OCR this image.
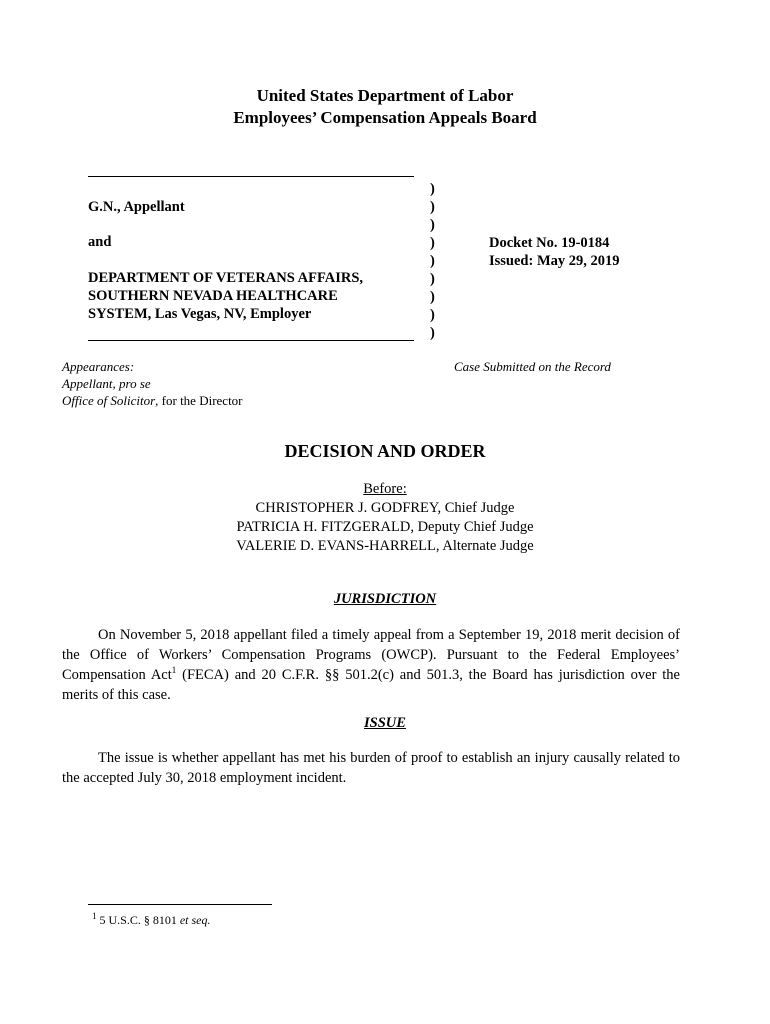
United States Department of Labor
Employees’ Compensation Appeals Board
G.N., Appellant
and
DEPARTMENT OF VETERANS AFFAIRS,
SOUTHERN NEVADA HEALTHCARE
SYSTEM, Las Vegas, NV, Employer
)
)
)
)
)
)
)
)
)
Docket No. 19-0184
Issued: May 29, 2019
Appearances:
Appellant, pro se
Office of Solicitor, for the Director
Case Submitted on the Record
DECISION AND ORDER
Before:
CHRISTOPHER J. GODFREY, Chief Judge
PATRICIA H. FITZGERALD, Deputy Chief Judge
VALERIE D. EVANS-HARRELL, Alternate Judge
JURISDICTION

On November 5, 2018 appellant filed a timely appeal from a September 19, 2018 merit decision of the Office of Workers’ Compensation Programs (OWCP). Pursuant to the Federal Employees’ Compensation Act$^1$ (FECA) and 20 C.F.R. §§ 501.2(c) and 501.3, the Board has jurisdiction over the merits of this case.

ISSUE

The issue is whether appellant has met his burden of proof to establish an injury causally related to the accepted July 30, 2018 employment incident.

$^1$ 5 U.S.C. § 8101 et seq.
